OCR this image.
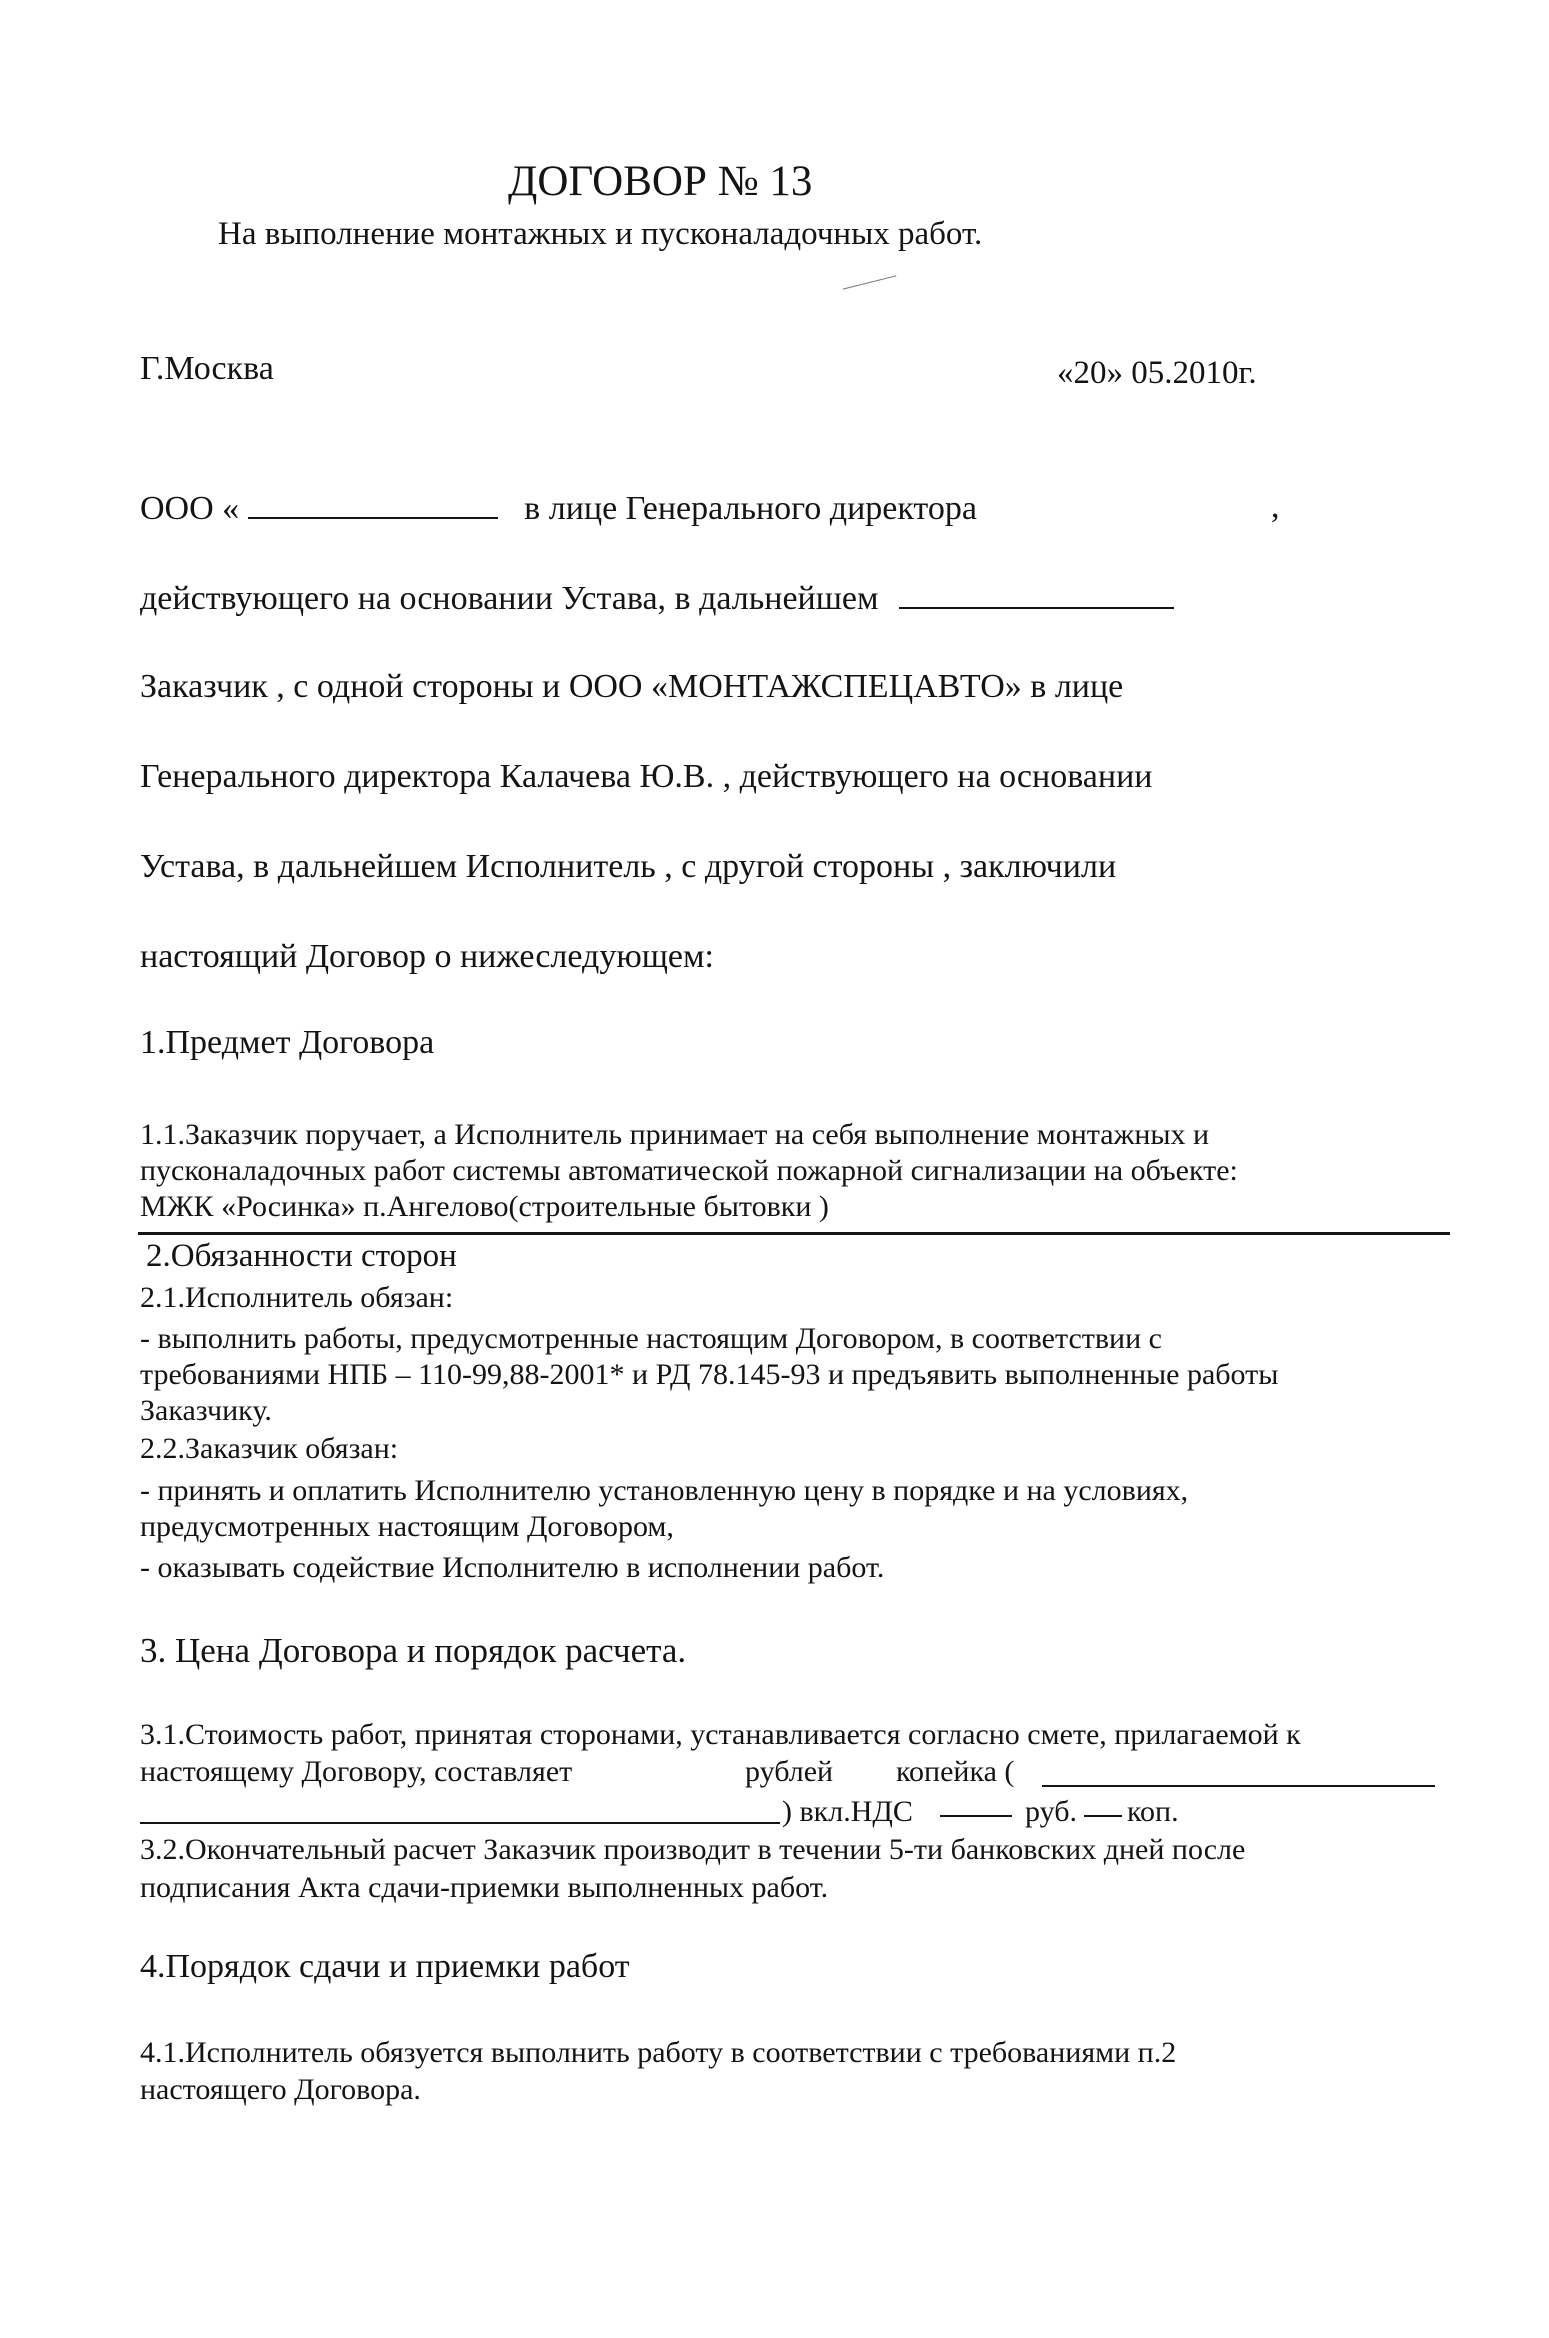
ДОГОВОР № 13
На выполнение монтажных и пусконаладочных работ.
Г.Москва	«20» 05.2010г.
ООО «	в лице Генерального директора	,
действующего на основании Устава, в дальнейшем
Заказчик , с одной стороны и ООО «МОНТАЖСПЕЦАВТО» в лице
Генерального директора Калачева Ю.В. , действующего на основании
Устава, в дальнейшем Исполнитель , с другой стороны , заключили
настоящий Договор о нижеследующем:
1.Предмет Договора
1.1.Заказчик поручает, а Исполнитель принимает на себя выполнение монтажных и
пусконаладочных работ системы автоматической пожарной сигнализации на объекте:
МЖК «Росинка» п.Ангелово(строительные бытовки )
2.Обязанности сторон
2.1.Исполнитель обязан:
- выполнить работы, предусмотренные настоящим Договором, в соответствии с
требованиями НПБ – 110-99,88-2001* и РД 78.145-93 и предъявить выполненные работы
Заказчику.
2.2.Заказчик обязан:
- принять и оплатить Исполнителю установленную цену в порядке и на условиях,
предусмотренных настоящим Договором,
- оказывать содействие Исполнителю в исполнении работ.
3. Цена Договора и порядок расчета.
3.1.Стоимость работ, принятая сторонами, устанавливается согласно смете, прилагаемой к
настоящему Договору, составляет	рублей копейка (
) вкл.НДС	руб. коп.
3.2.Окончательный расчет Заказчик производит в течении 5-ти банковских дней после
подписания Акта сдачи-приемки выполненных работ.
4.Порядок сдачи и приемки работ
4.1.Исполнитель обязуется выполнить работу в соответствии с требованиями п.2
настоящего Договора.
